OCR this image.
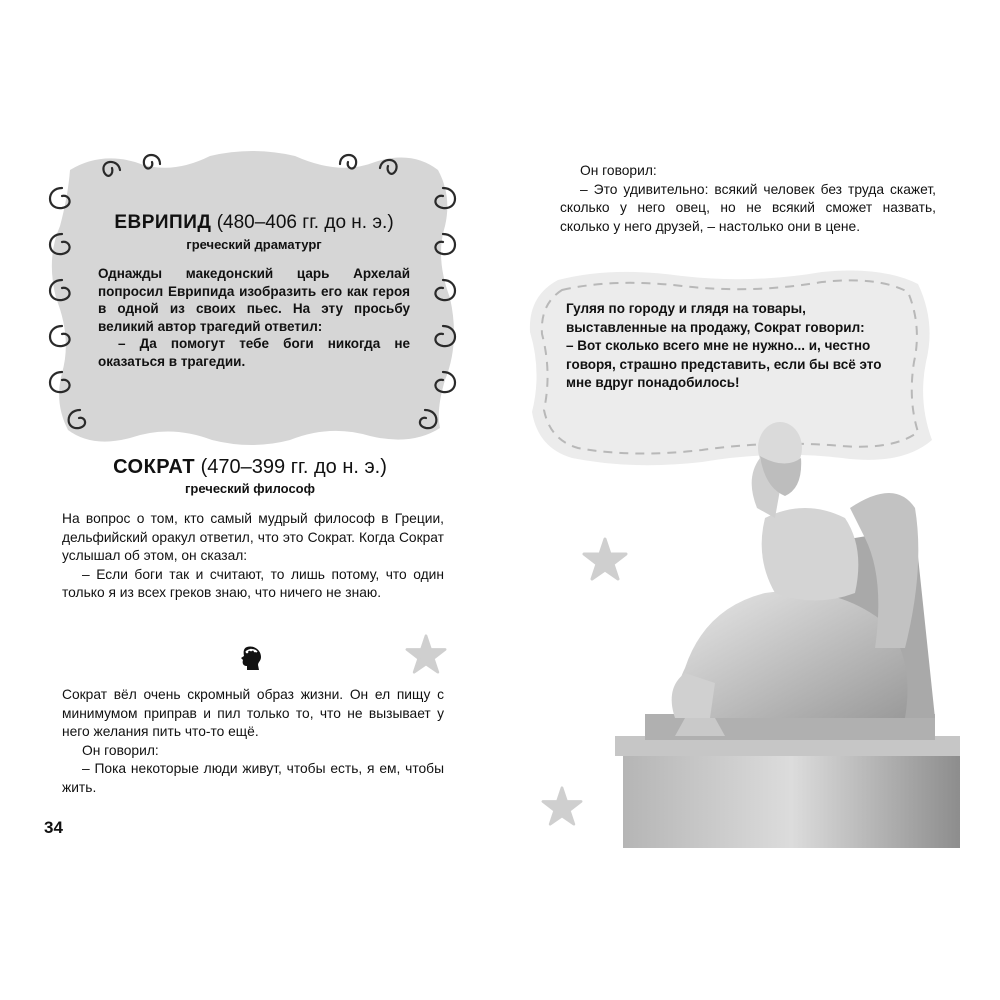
ЕВРИПИД (480–406 гг. до н. э.)
греческий драматург

Однажды македонский царь Архелай попросил Еврипида изобразить его как героя в одной из своих пьес. На эту просьбу великий автор трагедий ответил:

– Да помогут тебе боги никогда не оказаться в трагедии.

СОКРАТ (470–399 гг. до н. э.)
греческий философ

На вопрос о том, кто самый мудрый философ в Греции, дельфийский оракул ответил, что это Сократ. Когда Сократ услышал об этом, он сказал:

– Если боги так и считают, то лишь потому, что один только я из всех греков знаю, что ничего не знаю.

Сократ вёл очень скромный образ жизни. Он ел пищу с минимумом приправ и пил только то, что не вызывает у него желания пить что-то ещё.

Он говорил:

– Пока некоторые люди живут, чтобы есть, я ем, чтобы жить.

34

Он говорил:

– Это удивительно: всякий человек без труда скажет, сколько у него овец, но не всякий сможет назвать, сколько у него друзей, – настолько они в цене.

Гуляя по городу и глядя на товары, выставленные на продажу, Сократ говорил:

– Вот сколько всего мне не нужно... и, честно говоря, страшно представить, если бы всё это мне вдруг понадобилось!
